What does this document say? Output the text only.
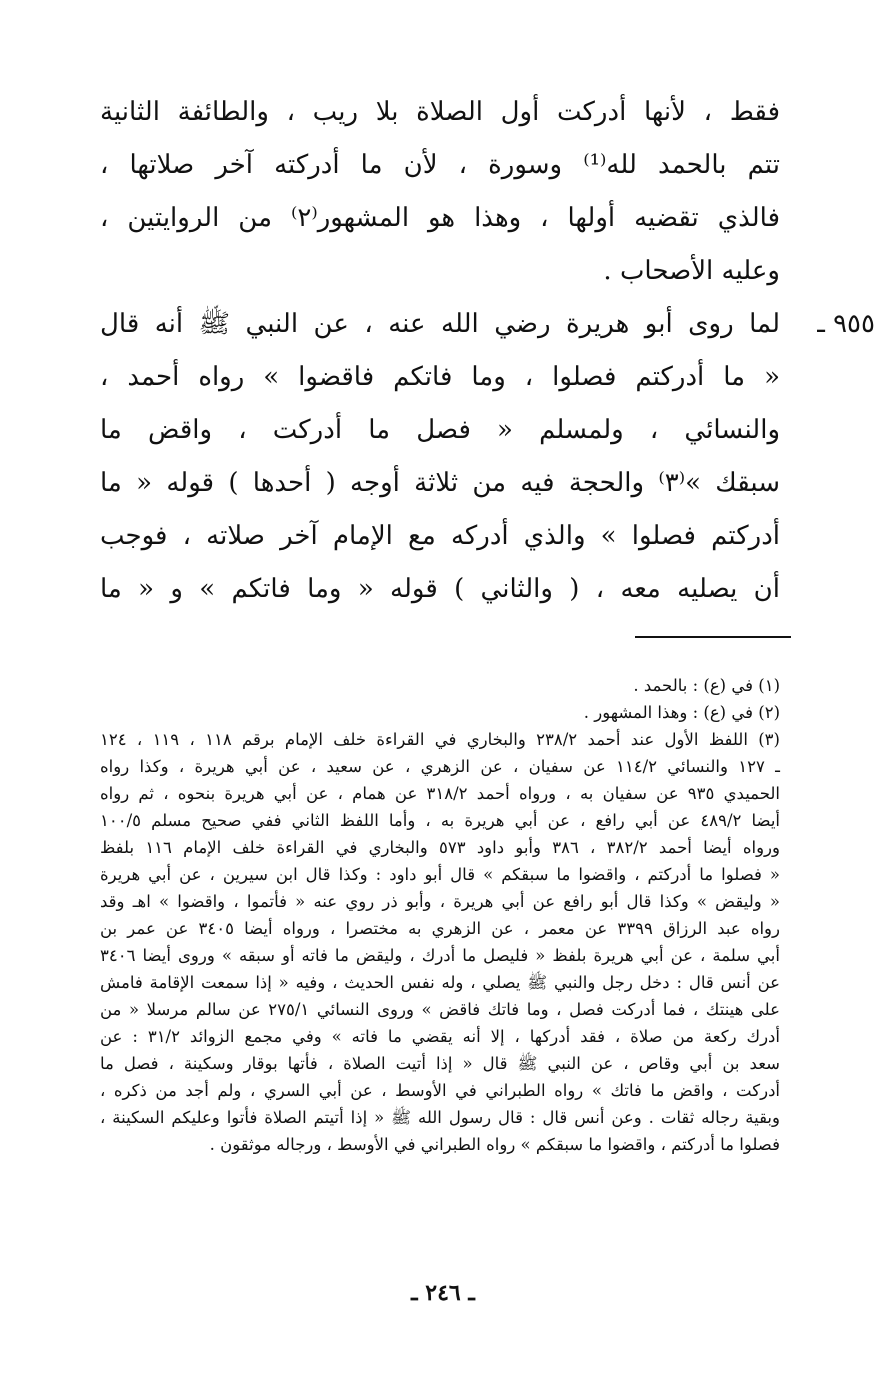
فقط ، لأنها أدركت أول الصلاة بلا ريب ، والطائفة الثانية
تتم بالحمد لله⁽¹⁾ وسورة ، لأن ما أدركته آخر صلاتها ،
فالذي تقضيه أولها ، وهذا هو المشهور⁽٢⁾ من الروايتين ،
وعليه الأصحاب .
٩٥٥ ـ
لما روى أبو هريرة رضي الله عنه ، عن النبي ﷺ أنه قال
« ما أدركتم فصلوا ، وما فاتكم فاقضوا » رواه أحمد ،
والنسائي ، ولمسلم « فصل ما أدركت ، واقض ما
سبقك »⁽٣⁾ والحجة فيه من ثلاثة أوجه ( أحدها ) قوله « ما
أدركتم فصلوا » والذي أدركه مع الإمام آخر صلاته ، فوجب
أن يصليه معه ، ( والثاني ) قوله « وما فاتكم » و « ما
(١) في (ع) : بالحمد .
(٢) في (ع) : وهذا المشهور .
(٣) اللفظ الأول عند أحمد ٢٣٨/٢ والبخاري في القراءة خلف الإمام برقم ١١٨ ، ١١٩ ، ١٢٤
ـ ١٢٧ والنسائي ١١٤/٢ عن سفيان ، عن الزهري ، عن سعيد ، عن أبي هريرة ، وكذا رواه
الحميدي ٩٣٥ عن سفيان به ، ورواه أحمد ٣١٨/٢ عن همام ، عن أبي هريرة بنحوه ، ثم رواه
أيضا ٤٨٩/٢ عن أبي رافع ، عن أبي هريرة به ، وأما اللفظ الثاني ففي صحيح مسلم ١٠٠/٥
ورواه أيضا أحمد ٣٨٢/٢ ، ٣٨٦ وأبو داود ٥٧٣ والبخاري في القراءة خلف الإمام ١١٦ بلفظ
« فصلوا ما أدركتم ، واقضوا ما سبقكم » قال أبو داود : وكذا قال ابن سيرين ، عن أبي هريرة
« وليقض » وكذا قال أبو رافع عن أبي هريرة ، وأبو ذر روي عنه « فأتموا ، واقضوا » اهـ وقد
رواه عبد الرزاق ٣٣٩٩ عن معمر ، عن الزهري به مختصرا ، ورواه أيضا ٣٤٠٥ عن عمر بن
أبي سلمة ، عن أبي هريرة بلفظ « فليصل ما أدرك ، وليقض ما فاته أو سبقه » وروى أيضا ٣٤٠٦
عن أنس قال : دخل رجل والنبي ﷺ يصلي ، وله نفس الحديث ، وفيه « إذا سمعت الإقامة فامش
على هينتك ، فما أدركت فصل ، وما فاتك فاقض » وروى النسائي ٢٧٥/١ عن سالم مرسلا « من
أدرك ركعة من صلاة ، فقد أدركها ، إلا أنه يقضي ما فاته » وفي مجمع الزوائد ٣١/٢ : عن
سعد بن أبي وقاص ، عن النبي ﷺ قال « إذا أتيت الصلاة ، فأتها بوقار وسكينة ، فصل ما
أدركت ، واقض ما فاتك » رواه الطبراني في الأوسط ، عن أبي السري ، ولم أجد من ذكره ،
وبقية رجاله ثقات . وعن أنس قال : قال رسول الله ﷺ « إذا أتيتم الصلاة فأتوا وعليكم السكينة ،
فصلوا ما أدركتم ، واقضوا ما سبقكم » رواه الطبراني في الأوسط ، ورجاله موثقون .
ـ ٢٤٦ ـ
